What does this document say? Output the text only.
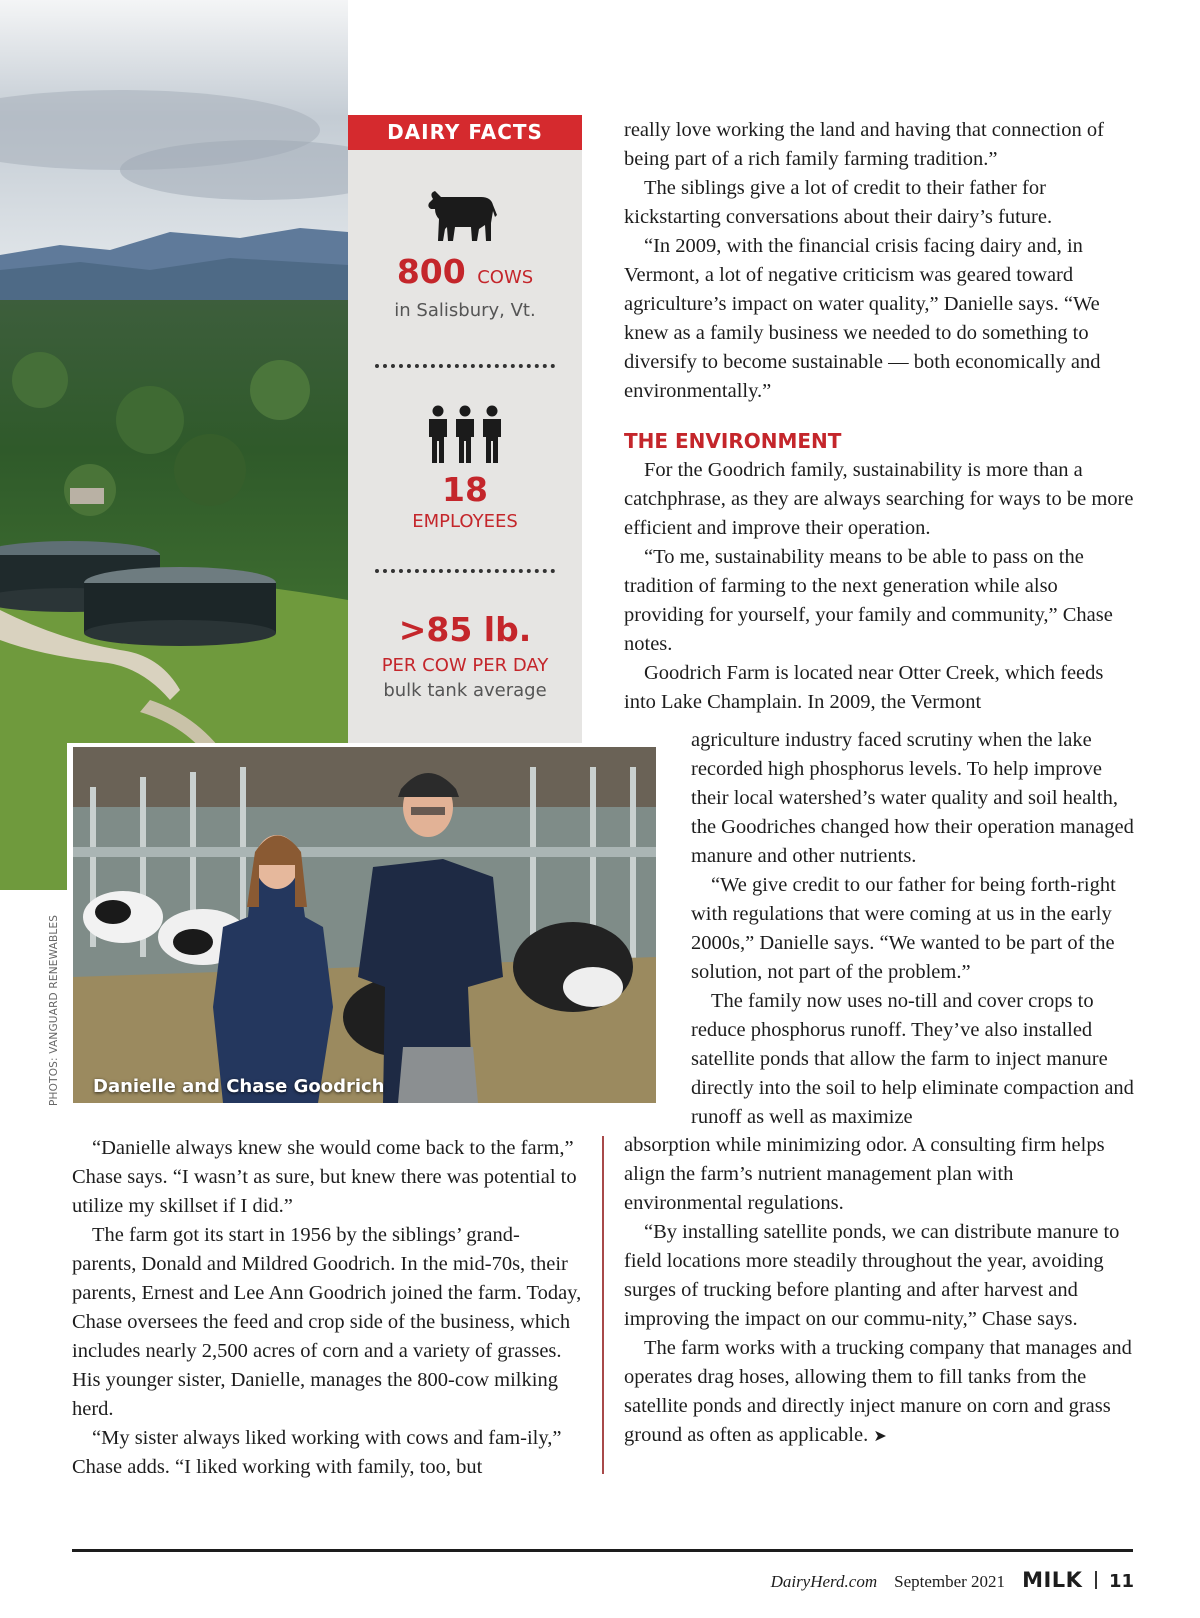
DAIRY FACTS
800 COWS
in Salisbury, Vt.
18
EMPLOYEES
>85 lb.
PER COW PER DAY
bulk tank average
Danielle and Chase Goodrich
PHOTOS: VANGUARD RENEWABLES

“Danielle always knew she would come back to the farm,” Chase says. “I wasn’t as sure, but knew there was potential to utilize my skillset if I did.”

The farm got its start in 1956 by the siblings’ grand-parents, Donald and Mildred Goodrich. In the mid-70s, their parents, Ernest and Lee Ann Goodrich joined the farm. Today, Chase oversees the feed and crop side of the business, which includes nearly 2,500 acres of corn and a variety of grasses. His younger sister, Danielle, manages the 800-cow milking herd.

“My sister always liked working with cows and fam-ily,” Chase adds. “I liked working with family, too, but

really love working the land and having that connection of being part of a rich family farming tradition.”

The siblings give a lot of credit to their father for kickstarting conversations about their dairy’s future.

“In 2009, with the financial crisis facing dairy and, in Vermont, a lot of negative criticism was geared toward agriculture’s impact on water quality,” Danielle says. “We knew as a family business we needed to do something to diversify to become sustainable — both economically and environmentally.”

THE ENVIRONMENT

For the Goodrich family, sustainability is more than a catchphrase, as they are always searching for ways to be more efficient and improve their operation.

“To me, sustainability means to be able to pass on the tradition of farming to the next generation while also providing for yourself, your family and community,” Chase notes.

Goodrich Farm is located near Otter Creek, which feeds into Lake Champlain. In 2009, the Vermont

agriculture industry faced scrutiny when the lake recorded high phosphorus levels. To help improve their local watershed’s water quality and soil health, the Goodriches changed how their operation managed manure and other nutrients.

“We give credit to our father for being forth-right with regulations that were coming at us in the early 2000s,” Danielle says. “We wanted to be part of the solution, not part of the problem.”

The family now uses no-till and cover crops to reduce phosphorus runoff. They’ve also installed satellite ponds that allow the farm to inject manure directly into the soil to help eliminate compaction and runoff as well as maximize

absorption while minimizing odor. A consulting firm helps align the farm’s nutrient management plan with environmental regulations.

“By installing satellite ponds, we can distribute manure to field locations more steadily throughout the year, avoiding surges of trucking before planting and after harvest and improving the impact on our commu-nity,” Chase says.

The farm works with a trucking company that manages and operates drag hoses, allowing them to fill tanks from the satellite ponds and directly inject manure on corn and grass ground as often as applicable. ➤

DairyHerd.com September 2021 MILK 11
